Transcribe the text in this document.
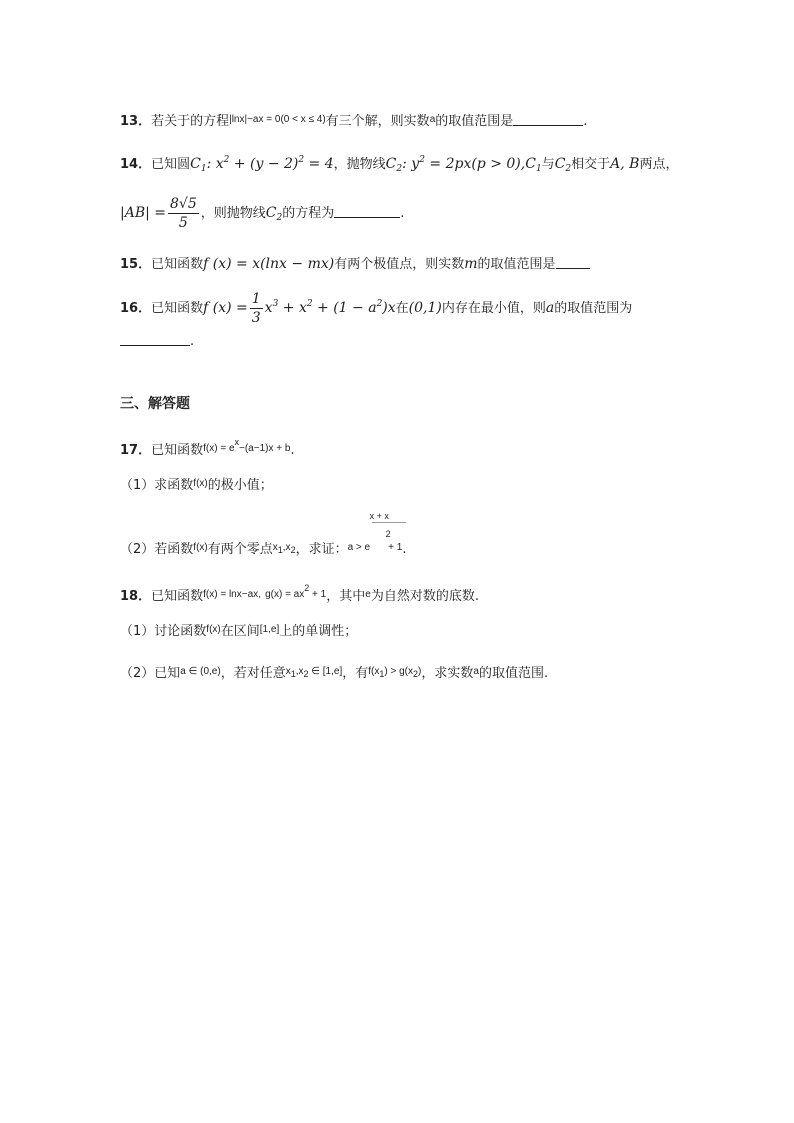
13．若关于的方程$^{|lnx|-ax = 0(0 < x \le 4)}$有三个解，则实数$^a$的取值范围是	.
14．已知圆$C_1$: $x^2 + (y - 2)^2 = 4$，抛物线$C_2$: $y^2 = 2px(p > 0),C_1$与$C_2$相交于A, B两点，
$|AB| = \frac{8√5}{5}$ ，则抛物线$C_2$的方程为	.
15．已知函数f (x) = x(lnx − mx)有两个极值点，则实数m的取值范围是
16．已知函数f $(x) = \frac{1}{3} x^3 + x^2 + (1 - a^2)x$在(0,1)内存在最小值，则a的取值范围为
.
三、解答题
17．已知函数$^{f(x) = ex-(a-1)x + b}$.
（1）求函数$^{f(x)}$的极小值；
（2）若函数$^{f(x)}$有两个零点$^{x1,x2}$，求证：a > e
x + x
2
+ 1.
18．已知函数$^{f(x) = lnx-ax,}$ $^{g(x) = ax2 + 1}$，其中$^e$为自然对数的底数.
（1）讨论函数$^{f(x)}$在区间[1,e]上的单调性；
（2）已知$^{a \in (0,e)}$，若对任意$^{x1,x2 \in [1,e]}$，有$^{f(x1) > g(x2)}$，求实数$^a$的取值范围.
